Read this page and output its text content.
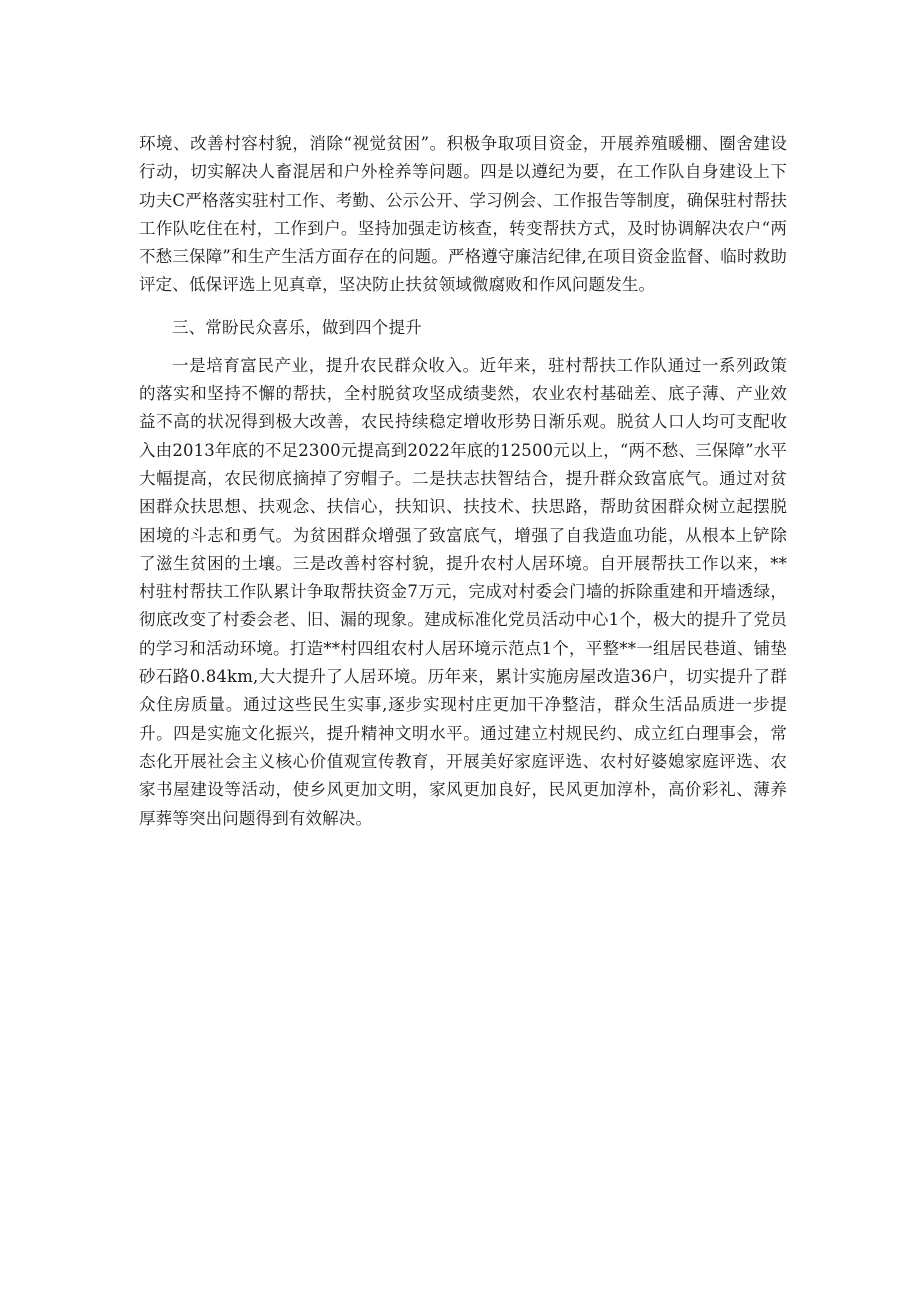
环境、改善村容村貌，消除“视觉贫困”。积极争取项目资金，开展养殖暖棚、圈舍建设行动，切实解决人畜混居和户外栓养等问题。四是以遵纪为要，在工作队自身建设上下功夫C严格落实驻村工作、考勤、公示公开、学习例会、工作报告等制度，确保驻村帮扶工作队吃住在村，工作到户。坚持加强走访核查，转变帮扶方式，及时协调解决农户“两不愁三保障”和生产生活方面存在的问题。严格遵守廉洁纪律,在项目资金监督、临时救助评定、低保评选上见真章，坚决防止扶贫领域微腐败和作风问题发生。

三、常盼民众喜乐，做到四个提升

一是培育富民产业，提升农民群众收入。近年来，驻村帮扶工作队通过一系列政策的落实和坚持不懈的帮扶，全村脱贫攻坚成绩斐然，农业农村基础差、底子薄、产业效益不高的状况得到极大改善，农民持续稳定增收形势日渐乐观。脱贫人口人均可支配收入由2013年底的不足2300元提高到2022年底的12500元以上，“两不愁、三保障”水平大幅提高，农民彻底摘掉了穷帽子。二是扶志扶智结合，提升群众致富底气。通过对贫困群众扶思想、扶观念、扶信心，扶知识、扶技术、扶思路，帮助贫困群众树立起摆脱困境的斗志和勇气。为贫困群众增强了致富底气，增强了自我造血功能，从根本上铲除了滋生贫困的土壤。三是改善村容村貌，提升农村人居环境。自开展帮扶工作以来，**村驻村帮扶工作队累计争取帮扶资金7万元，完成对村委会门墙的拆除重建和开墙透绿，彻底改变了村委会老、旧、漏的现象。建成标准化党员活动中心1个，极大的提升了党员的学习和活动环境。打造**村四组农村人居环境示范点1个，平整**一组居民巷道、铺垫砂石路0.84km,大大提升了人居环境。历年来，累计实施房屋改造36户，切实提升了群众住房质量。通过这些民生实事,逐步实现村庄更加干净整洁，群众生活品质进一步提升。四是实施文化振兴，提升精神文明水平。通过建立村规民约、成立红白理事会，常态化开展社会主义核心价值观宣传教育，开展美好家庭评选、农村好婆媳家庭评选、农家书屋建设等活动，使乡风更加文明，家风更加良好，民风更加淳朴，高价彩礼、薄养厚葬等突出问题得到有效解决。
